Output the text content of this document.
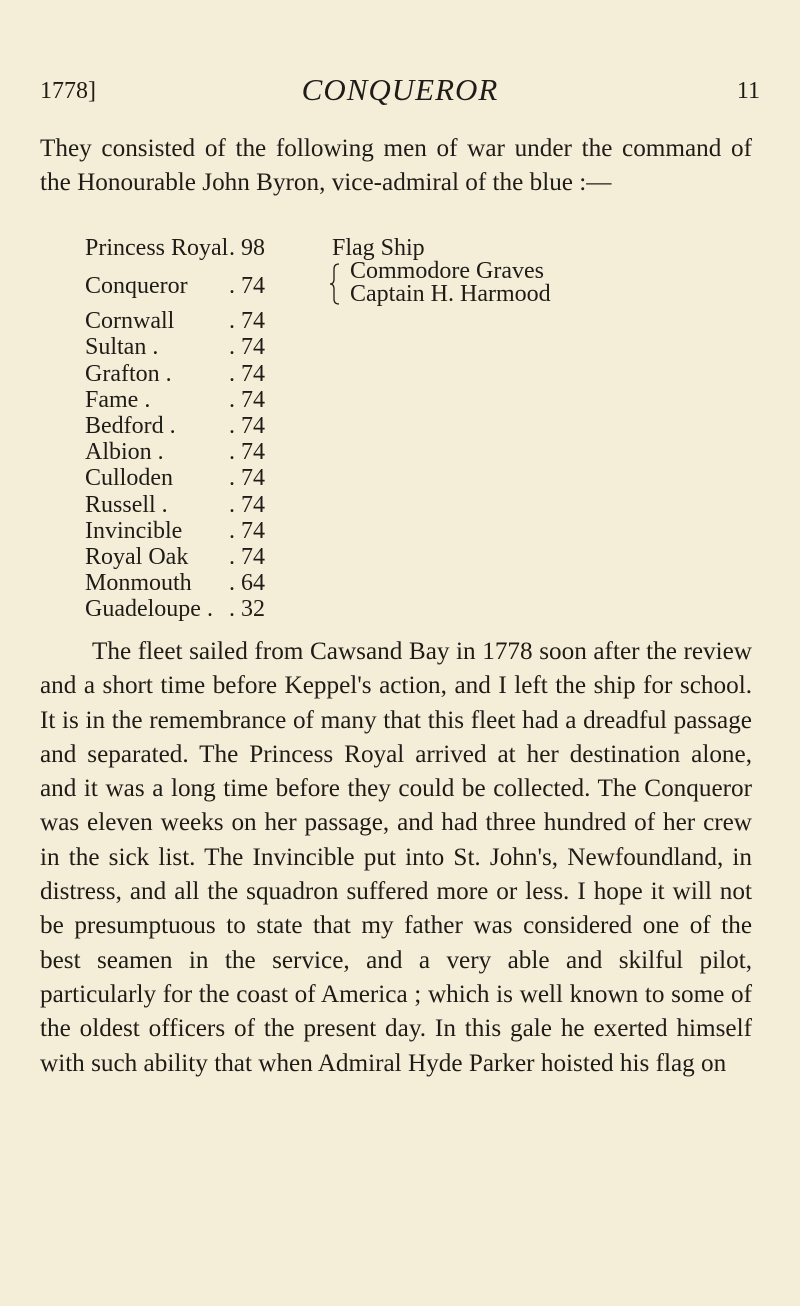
1778]	CONQUEROR	11

They consisted of the following men of war under the command of the Honourable John Byron, vice-admiral of the blue :—

Princess Royal . 98	Flag Ship
Conqueror . 74
Commodore Graves
Captain H. Harmood
Cornwall . 74
Sultan .	. 74
Grafton . . 74
Fame .	. 74
Bedford . . 74
Albion .	. 74
Culloden . 74
Russell .	. 74
Invincible . 74
Royal Oak . 74
Monmouth . 64
Guadeloupe . . 32

The fleet sailed from Cawsand Bay in 1778 soon after the review and a short time before Keppel's action, and I left the ship for school. It is in the remembrance of many that this fleet had a dreadful passage and separated. The Princess Royal arrived at her destination alone, and it was a long time before they could be collected. The Conqueror was eleven weeks on her passage, and had three hundred of her crew in the sick list. The Invincible put into St. John's, Newfoundland, in distress, and all the squadron suffered more or less. I hope it will not be presumptuous to state that my father was considered one of the best seamen in the service, and a very able and skilful pilot, particularly for the coast of America ; which is well known to some of the oldest officers of the present day. In this gale he exerted himself with such ability that when Admiral Hyde Parker hoisted his flag on
